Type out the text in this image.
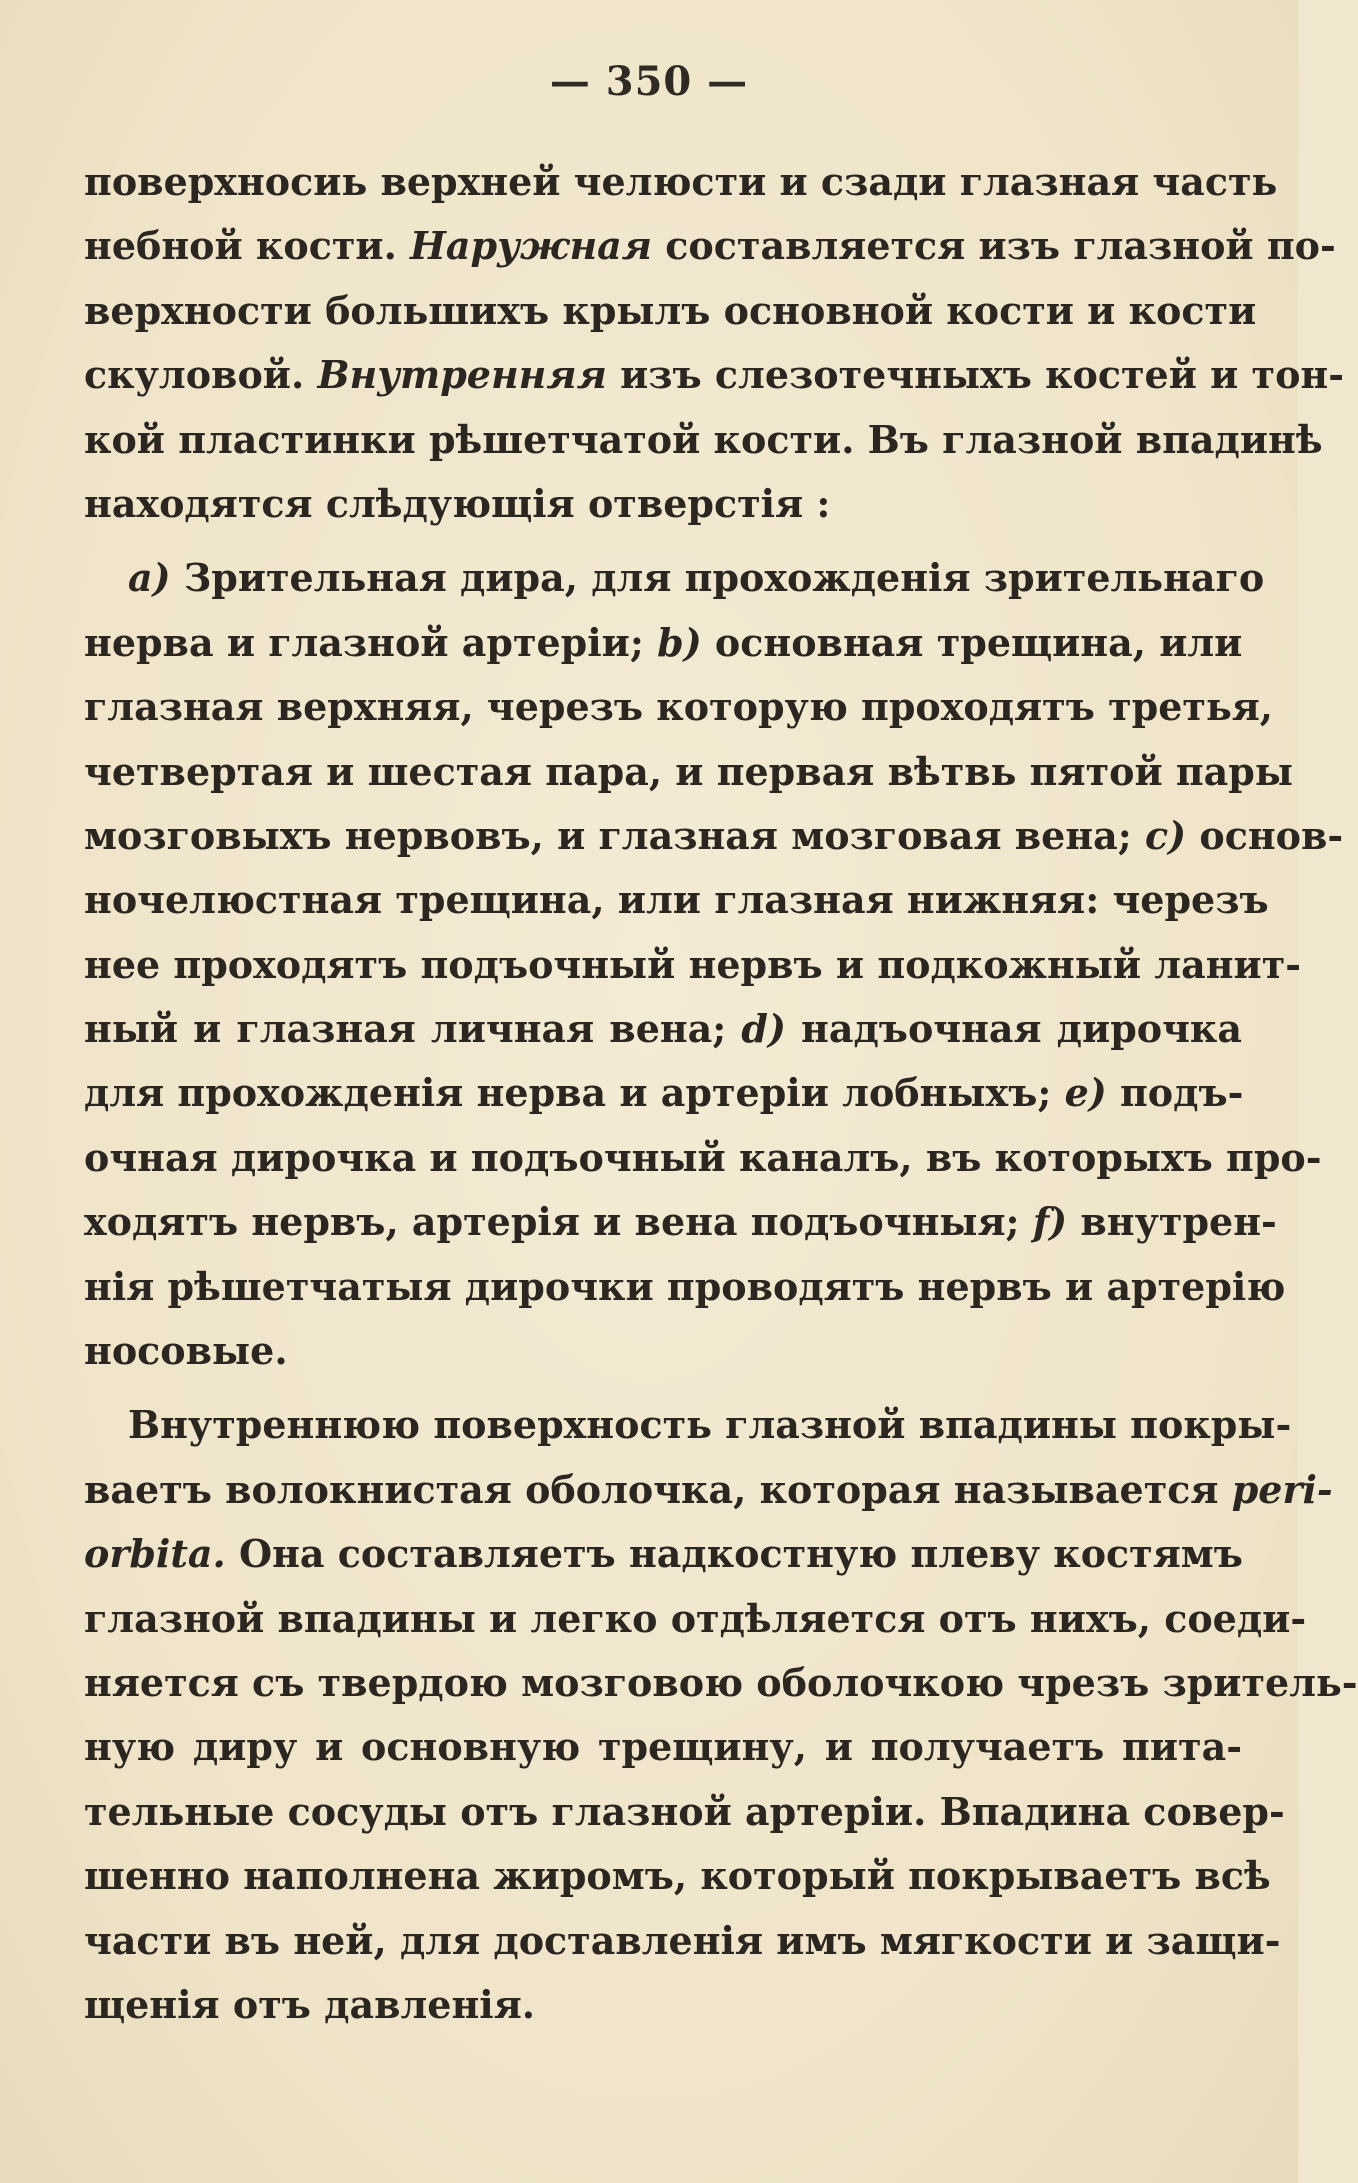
— 350 —
поверхносиь верхней челюсти и сзади глазная часть
небной кости. Наружная составляется изъ глазной по-
верхности большихъ крылъ основной кости и кости
скуловой. Внутренняя изъ слезотечныхъ костей и тон-
кой пластинки рѣшетчатой кости. Въ глазной впадинѣ
находятся слѣдующія отверстія :
a) Зрительная дира, для прохожденія зрительнаго
нерва и глазной артеріи; b) основная трещина, или
глазная верхняя, черезъ которую проходятъ третья,
четвертая и шестая пара, и первая вѣтвь пятой пары
мозговыхъ нервовъ, и глазная мозговая вена; c) основ-
ночелюстная трещина, или глазная нижняя: черезъ
нее проходятъ подъочный нервъ и подкожный ланит-
ный и глазная личная вена; d) надъочная дирочка
для прохожденія нерва и артеріи лобныхъ; e) подъ-
очная дирочка и подъочный каналъ, въ которыхъ про-
ходятъ нервъ, артерія и вена подъочныя; f) внутрен-
нія рѣшетчатыя дирочки проводятъ нервъ и артерію
носовые.
Внутреннюю поверхность глазной впадины покры-
ваетъ волокнистая оболочка, которая называется peri-
orbita. Она составляетъ надкостную плеву костямъ
глазной впадины и легко отдѣляется отъ нихъ, соеди-
няется съ твердою мозговою оболочкою чрезъ зритель-
ную диру и основную трещину, и получаетъ пита-
тельные сосуды отъ глазной артеріи. Впадина совер-
шенно наполнена жиромъ, который покрываетъ всѣ
части въ ней, для доставленія имъ мягкости и защи-
щенія отъ давленія.
